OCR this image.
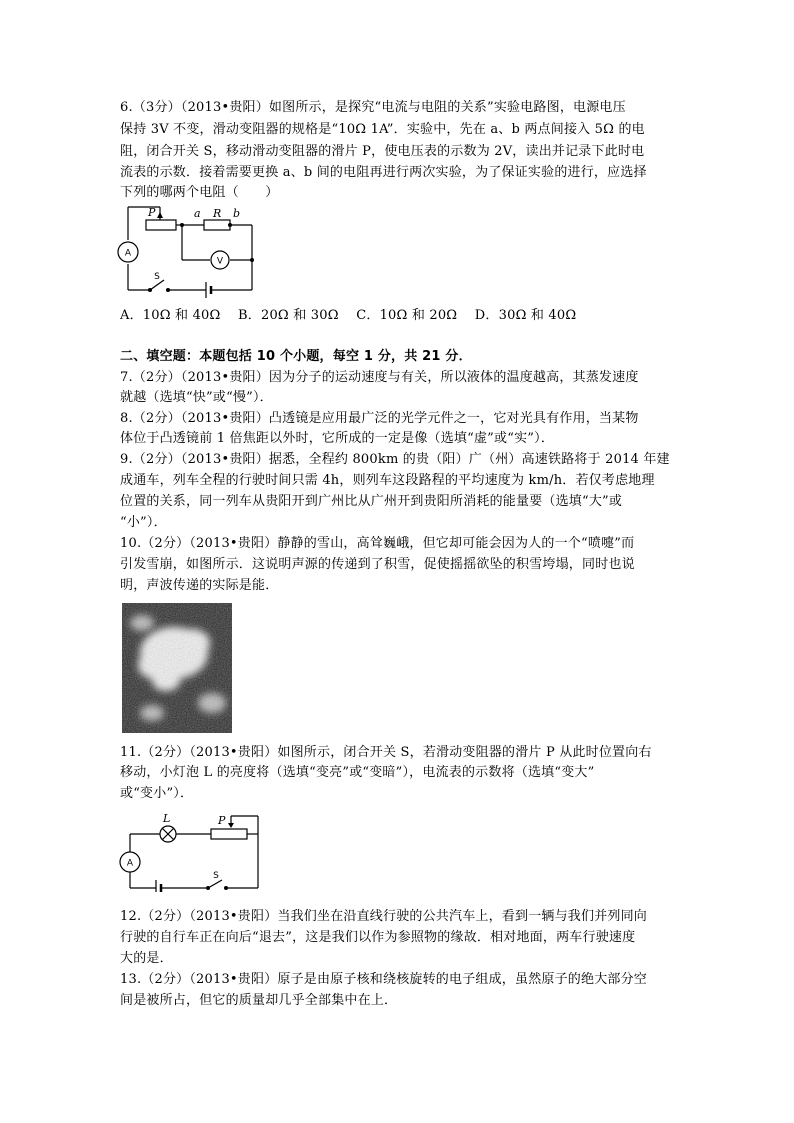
6.（3分）（2013•贵阳）如图所示，是探究“电流与电阻的关系”实验电路图，电源电压
保持 3V 不变，滑动变阻器的规格是“10Ω 1A”．实验中，先在 a、b 两点间接入 5Ω 的电
阻，闭合开关 S，移动滑动变阻器的滑片 P，使电压表的示数为 2V，读出并记录下此时电
流表的示数．接着需要更换 a、b 间的电阻再进行两次实验，为了保证实验的进行，应选择
下列的哪两个电阻（　　）
P	a R b
A
V
S
A．10Ω 和 40Ω　 B．20Ω 和 30Ω　 C．10Ω 和 20Ω　 D．30Ω 和 40Ω
二、填空题：本题包括 10 个小题，每空 1 分，共 21 分．
7.（2分）（2013•贵阳）因为分子的运动速度与有关，所以液体的温度越高，其蒸发速度
就越（选填“快”或“慢”）．
8.（2分）（2013•贵阳）凸透镜是应用最广泛的光学元件之一，它对光具有作用，当某物
体位于凸透镜前 1 倍焦距以外时，它所成的一定是像（选填“虚”或“实”）．
9.（2分）（2013•贵阳）据悉，全程约 800km 的贵（阳）广（州）高速铁路将于 2014 年建
成通车，列车全程的行驶时间只需 4h，则列车这段路程的平均速度为 km/h．若仅考虑地理
位置的关系，同一列车从贵阳开到广州比从广州开到贵阳所消耗的能量要（选填“大”或
“小”）．
10.（2分）（2013•贵阳）静静的雪山，高耸巍峨，但它却可能会因为人的一个“喷嚏”而
引发雪崩，如图所示．这说明声源的传递到了积雪，促使摇摇欲坠的积雪垮塌，同时也说
明，声波传递的实际是能．
11.（2分）（2013•贵阳）如图所示，闭合开关 S，若滑动变阻器的滑片 P 从此时位置向右
移动，小灯泡 L 的亮度将（选填“变亮”或“变暗”），电流表的示数将（选填“变大”
或“变小”）．
L	P
A
S
12.（2分）（2013•贵阳）当我们坐在沿直线行驶的公共汽车上，看到一辆与我们并列同向
行驶的自行车正在向后“退去”，这是我们以作为参照物的缘故．相对地面，两车行驶速度
大的是．
13.（2分）（2013•贵阳）原子是由原子核和绕核旋转的电子组成，虽然原子的绝大部分空
间是被所占，但它的质量却几乎全部集中在上．
